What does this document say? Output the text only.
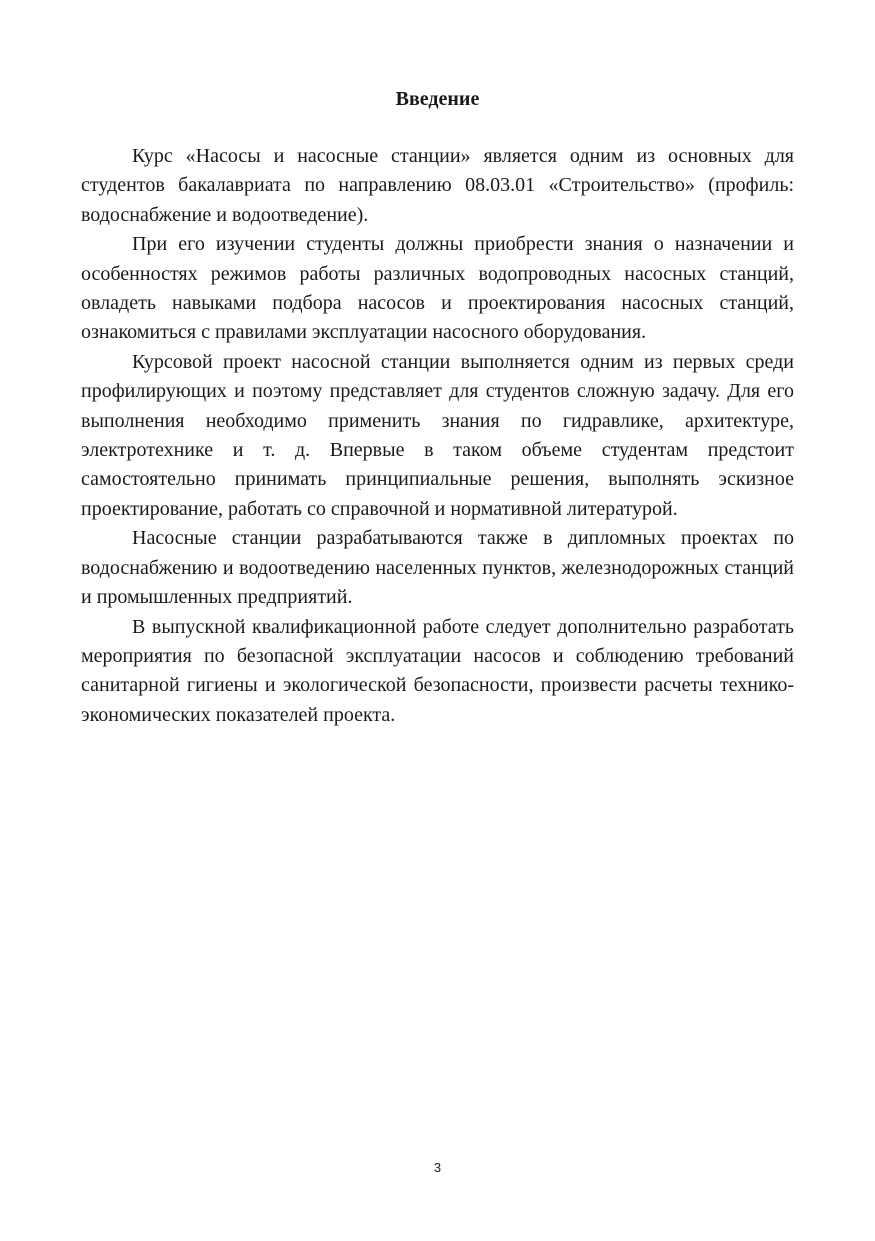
Введение

Курс «Насосы и насосные станции» является одним из основных для студентов бакалавриата по направлению 08.03.01 «Строительство» (профиль: водоснабжение и водоотведение).

При его изучении студенты должны приобрести знания о назначении и особенностях режимов работы различных водопроводных насосных станций, овладеть навыками подбора насосов и проектирования насосных станций, ознакомиться с правилами эксплуатации насосного оборудования.

Курсовой проект насосной станции выполняется одним из первых среди профилирующих и поэтому представляет для студентов сложную задачу. Для его выполнения необходимо применить знания по гидравлике, архитектуре, электротехнике и т. д. Впервые в таком объеме студентам предстоит самостоятельно принимать принципиальные решения, выполнять эскизное проектирование, работать со справочной и нормативной литературой.

Насосные станции разрабатываются также в дипломных проектах по водоснабжению и водоотведению населенных пунктов, железнодорожных станций и промышленных предприятий.

В выпускной квалификационной работе следует дополнительно разработать мероприятия по безопасной эксплуатации насосов и соблюдению требований санитарной гигиены и экологической безопасности, произвести расчеты технико-экономических показателей проекта.

3
